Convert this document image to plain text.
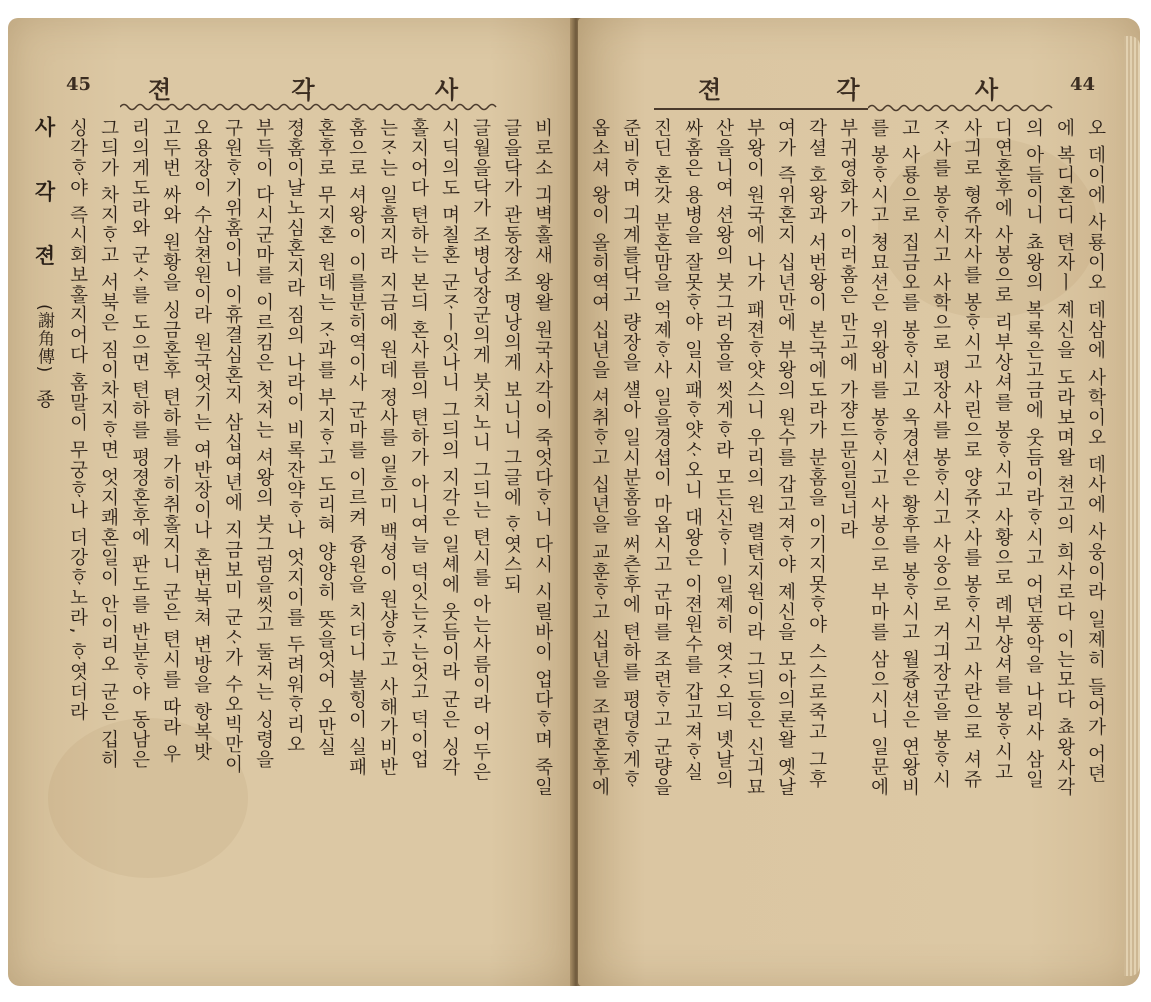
45 젼	각	사
비로소 긔벽홀새 왕왈 원국사각이 죽엇다ᄒᆞ니 다시 시릴바이 업다ᄒᆞ며 죽일
글을닥가 관동장조 명낭의게 보니니 그글에 ᄒᆞ엿스되
글월을닥가 조병낭장군의게 붓치노니 그듸는 텬시를 아는사름이라 어두은
시딕의도 며칠혼 군ᄌᆞㅣ잇나니 그듸의 지각은 일셰에 웃듬이라 군은 싱각
홀지어다 텬하는 본듸 혼사름의 텬하가 아니여늘 덕잇는ᄌᆞ는엇고 덕이업
는ᄌᆞ는 일흠지라 지금에 원데 졍사를 일흐미 백셩이 원샹ᄒᆞ고 사해가비반
홈으로 셔왕이 이를분히역이사 군마를 이르켜 즁원을 치더니 불힝이 실패
혼후로 무지혼 원데는 ᄌᆞ과를 부지ᄒᆞ고 도리혀 양양히 뜻을엇어 오만실
졍홈이날노심혼지라 짐의 나라이 비록잔약ᄒᆞ나 엇지이를 두려워ᄒᆞ리오
부득이 다시군마를 이르킴은 첫저는 셔왕의 붓그럼을씻고 둘저는 싱령을
구원ᄒᆞ기위홈이니 이휴결심혼지 삼십여년에 지금보미 군ᄉᆞ가 수오빅만이
오용장이 수삼쳔원이라 원국엇기는 여반장이나 혼번북쳐 변방을 항복밧
고두번 싸와 원황을 싱금혼후 텬하를 가히취홀지니 군은 텬시를 따라 우
리의게도라와 군ᄉᆞ를 도으면 텬하를 평졍혼후에 판도를 반분ᄒᆞ야 동남은
그듸가 차지ᄒᆞ고 서북은 짐이차지ᄒᆞ면 엇지쾌혼일이 안이리오 군은 깁히
싱각ᄒᆞ야 즉시회보홀지어다 홈말이 무궁ᄒᆞ나 더강ᄒᆞ노라, ᄒᆞ엿더라
사 각 젼 (謝角傳) 죵
44
젼	각	사
오 데이에 사룡이오 데삼에 사학이오 데사에 사웅이라 일졔히 들어가 어뎐
에 복디혼디 텬자ㅣ 졔신을 도라보며왈 쳔고의 희사로다 이는모다 쵸왕사각
의 아들이니 쵸왕의 복록은고금에 웃듬이라ᄒᆞ시고 어뎐풍악을 나리사 삼일
디연혼후에 사봉으로 리부상셔를 봉ᄒᆞ시고 사황으로 례부샹셔를 봉ᄒᆞ시고
사긔로 형쥬자사를 봉ᄒᆞ시고 사린으로 양쥬ᄌᆞ사를 봉ᄒᆞ시고 사란으로 셔쥬
ᄌᆞ사를 봉ᄒᆞ시고 사학으로 평장사를 봉ᄒᆞ시고 사웅으로 거긔장군을 봉ᄒᆞ시
고 사룡으로 집금오를 봉ᄒᆞ시고 옥경션은 황후를 봉ᄒᆞ시고 월즁션은 연왕비
를 봉ᄒᆞ시고 쳥묘션은 위왕비를 봉ᄒᆞ시고 사봉으로 부마를 삼으시니 일문에
부귀영화가 이러홈은 만고에 가쟝드문일일너라
각셜 호왕과 서번왕이 본국에도라가 분홈을 이기지못ᄒᆞ야 스스로죽고 그후
여가 즉위혼지 십년만에 부왕의 원수를 갑고져ᄒᆞ야 졔신을 모아의론왈 옛날
부왕이 원국에 나가 패젼ᄒᆞ얏스니 우리의 원 렬텬지원이라 그듸등은 신긔묘
산을니여 션왕의 붓그러옴을 씻게ᄒᆞ라 모든신ᄒᆞㅣ 일졔히 엿ᄌᆞ오듸 녯날의
싸홈은 용병을 잘못ᄒᆞ야 일시패ᄒᆞ얏ᄉᆞ오니 대왕은 이젼원수를 갑고져ᄒᆞ실
진딘 혼갓 분혼맘을 억졔ᄒᆞ사 일을경셥이 마옵시고 군마를 조련ᄒᆞ고 군량을
준비ᄒᆞ며 긔계를닥고 량장을 섈아 일시분홈을 써츤후에 텬하를 평뎡ᄒᆞ게ᄒᆞ
옵소셔 왕이 올히역여 십년을 셔취ᄒᆞ고 십년을 교훈ᄒᆞ고 십년을 조련혼후에
